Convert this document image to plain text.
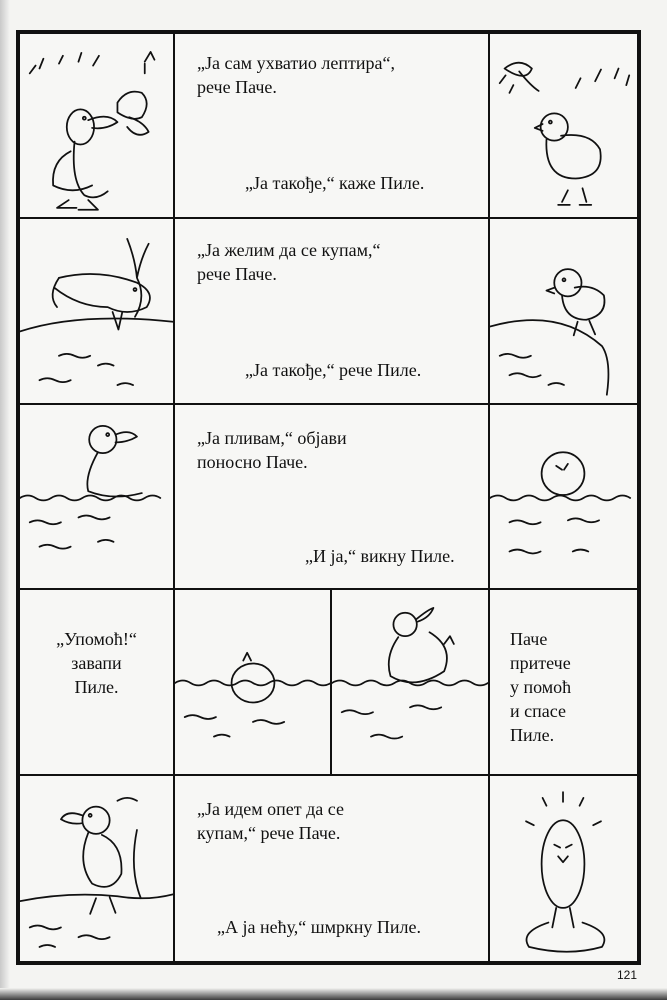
„Ја сам ухватио лептира“,
рече Паче.
„Ја такође,“ каже Пиле.
„Ја желим да се купам,“
рече Паче.
„Ја такође,“ рече Пиле.
„Ја пливам,“ објави
поносно Паче.
„И ја,“ викну Пиле.
„Упомоћ!“
завапи
Пиле.
Паче
притече
у помоћ
и спасе
Пиле.
„Ја идем опет да се
купам,“ рече Паче.
„А ја нећу,“ шмркну Пиле.
121
